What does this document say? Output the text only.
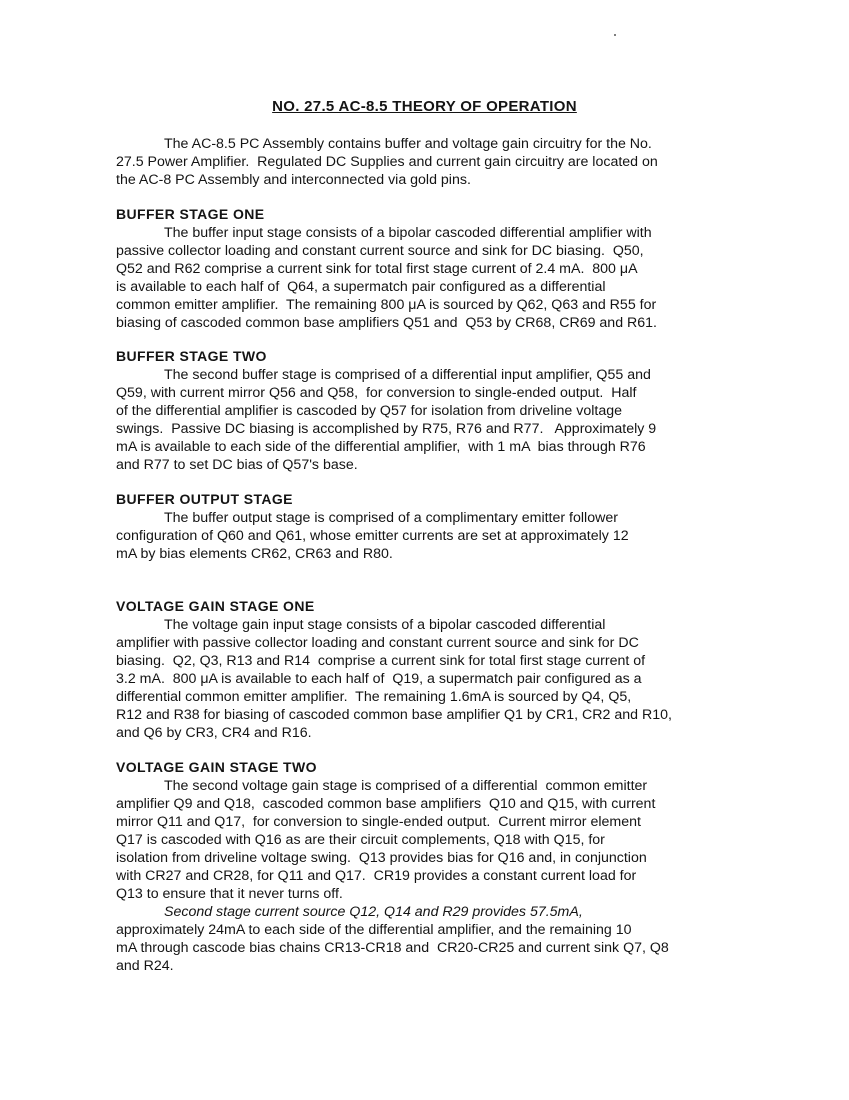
NO. 27.5 AC-8.5 THEORY OF OPERATION
The AC-8.5 PC Assembly contains buffer and voltage gain circuitry for the No.
27.5 Power Amplifier.  Regulated DC Supplies and current gain circuitry are located on
the AC-8 PC Assembly and interconnected via gold pins.
BUFFER STAGE ONE
The buffer input stage consists of a bipolar cascoded differential amplifier with
passive collector loading and constant current source and sink for DC biasing.  Q50,
Q52 and R62 comprise a current sink for total first stage current of 2.4 mA.  800 μA
is available to each half of  Q64, a supermatch pair configured as a differential
common emitter amplifier.  The remaining 800 μA is sourced by Q62, Q63 and R55 for
biasing of cascoded common base amplifiers Q51 and  Q53 by CR68, CR69 and R61.
BUFFER STAGE TWO
The second buffer stage is comprised of a differential input amplifier, Q55 and
Q59, with current mirror Q56 and Q58,  for conversion to single-ended output.  Half
of the differential amplifier is cascoded by Q57 for isolation from driveline voltage
swings.  Passive DC biasing is accomplished by R75, R76 and R77.   Approximately 9
mA is available to each side of the differential amplifier,  with 1 mA  bias through R76
and R77 to set DC bias of Q57's base.
BUFFER OUTPUT STAGE
The buffer output stage is comprised of a complimentary emitter follower
configuration of Q60 and Q61, whose emitter currents are set at approximately 12
mA by bias elements CR62, CR63 and R80.
VOLTAGE GAIN STAGE ONE
The voltage gain input stage consists of a bipolar cascoded differential
amplifier with passive collector loading and constant current source and sink for DC
biasing.  Q2, Q3, R13 and R14  comprise a current sink for total first stage current of
3.2 mA.  800 μA is available to each half of  Q19, a supermatch pair configured as a
differential common emitter amplifier.  The remaining 1.6mA is sourced by Q4, Q5,
R12 and R38 for biasing of cascoded common base amplifier Q1 by CR1, CR2 and R10,
and Q6 by CR3, CR4 and R16.
VOLTAGE GAIN STAGE TWO
The second voltage gain stage is comprised of a differential  common emitter
amplifier Q9 and Q18,  cascoded common base amplifiers  Q10 and Q15, with current
mirror Q11 and Q17,  for conversion to single-ended output.  Current mirror element
Q17 is cascoded with Q16 as are their circuit complements, Q18 with Q15, for
isolation from driveline voltage swing.  Q13 provides bias for Q16 and, in conjunction
with CR27 and CR28, for Q11 and Q17.  CR19 provides a constant current load for
Q13 to ensure that it never turns off.
Second stage current source Q12, Q14 and R29 provides 57.5mA,
approximately 24mA to each side of the differential amplifier, and the remaining 10
mA through cascode bias chains CR13-CR18 and  CR20-CR25 and current sink Q7, Q8
and R24.
